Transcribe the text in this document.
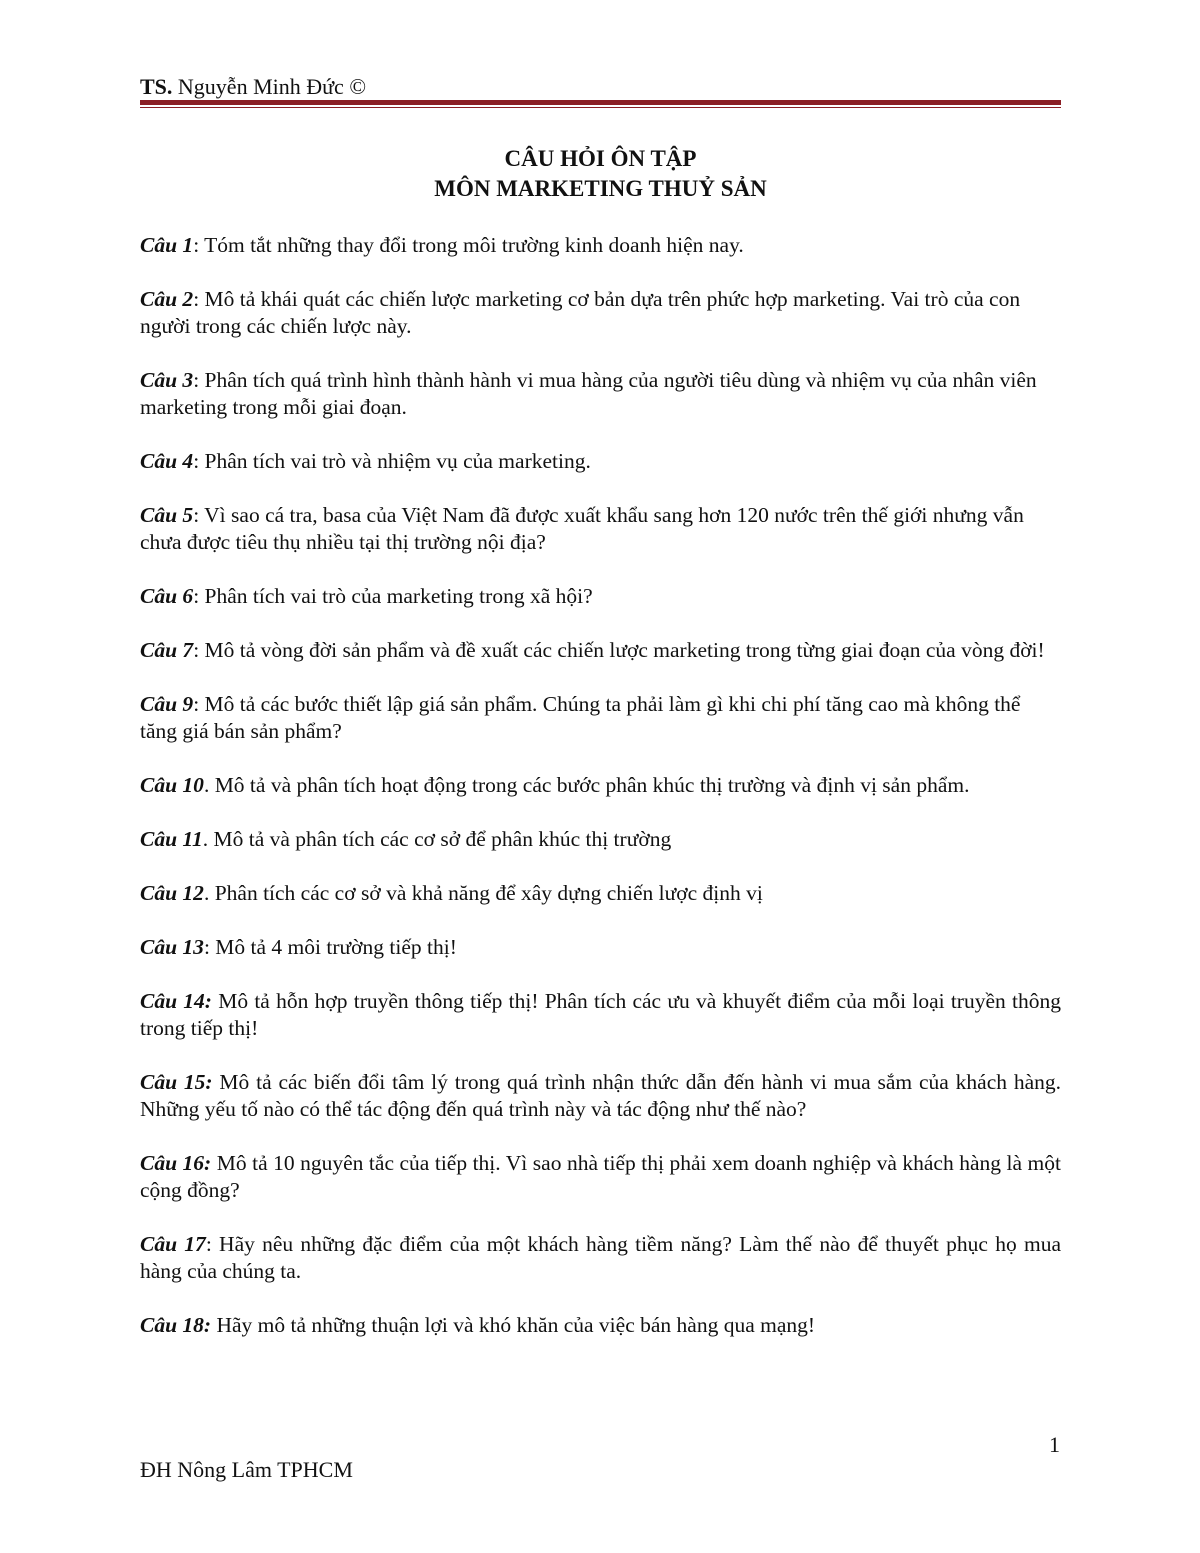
TS. Nguyễn Minh Đức ©
CÂU HỎI ÔN TẬP
MÔN MARKETING THUỶ SẢN
Câu 1: Tóm tắt những thay đổi trong môi trường kinh doanh hiện nay.
Câu 2: Mô tả khái quát các chiến lược marketing cơ bản dựa trên phức hợp marketing. Vai trò của con người trong các chiến lược này.
Câu 3: Phân tích quá trình hình thành hành vi mua hàng của người tiêu dùng và nhiệm vụ của nhân viên marketing trong mỗi giai đoạn.
Câu 4: Phân tích vai trò và nhiệm vụ của marketing.
Câu 5: Vì sao cá tra, basa của Việt Nam đã được xuất khẩu sang hơn 120 nước trên thế giới nhưng vẫn chưa được tiêu thụ nhiều tại thị trường nội địa?
Câu 6: Phân tích vai trò của marketing trong xã hội?
Câu 7: Mô tả vòng đời sản phẩm và đề xuất các chiến lược marketing trong từng giai đoạn của vòng đời!
Câu 9: Mô tả các bước thiết lập giá sản phẩm. Chúng ta phải làm gì khi chi phí tăng cao mà không thể tăng giá bán sản phẩm?
Câu 10. Mô tả và phân tích hoạt động trong các bước phân khúc thị trường và định vị sản phẩm.
Câu 11. Mô tả và phân tích các cơ sở để phân khúc thị trường
Câu 12. Phân tích các cơ sở và khả năng để xây dựng chiến lược định vị
Câu 13: Mô tả 4 môi trường tiếp thị!
Câu 14: Mô tả hỗn hợp truyền thông tiếp thị! Phân tích các ưu và khuyết điểm của mỗi loại truyền thông trong tiếp thị!
Câu 15: Mô tả các biến đổi tâm lý trong quá trình nhận thức dẫn đến hành vi mua sắm của khách hàng. Những yếu tố nào có thể tác động đến quá trình này và tác động như thế nào?
Câu 16: Mô tả 10 nguyên tắc của tiếp thị. Vì sao nhà tiếp thị phải xem doanh nghiệp và khách hàng là một cộng đồng?
Câu 17: Hãy nêu những đặc điểm của một khách hàng tiềm năng? Làm thế nào để thuyết phục họ mua hàng của chúng ta.
Câu 18: Hãy mô tả những thuận lợi và khó khăn của việc bán hàng qua mạng!
1
ĐH Nông Lâm TPHCM
